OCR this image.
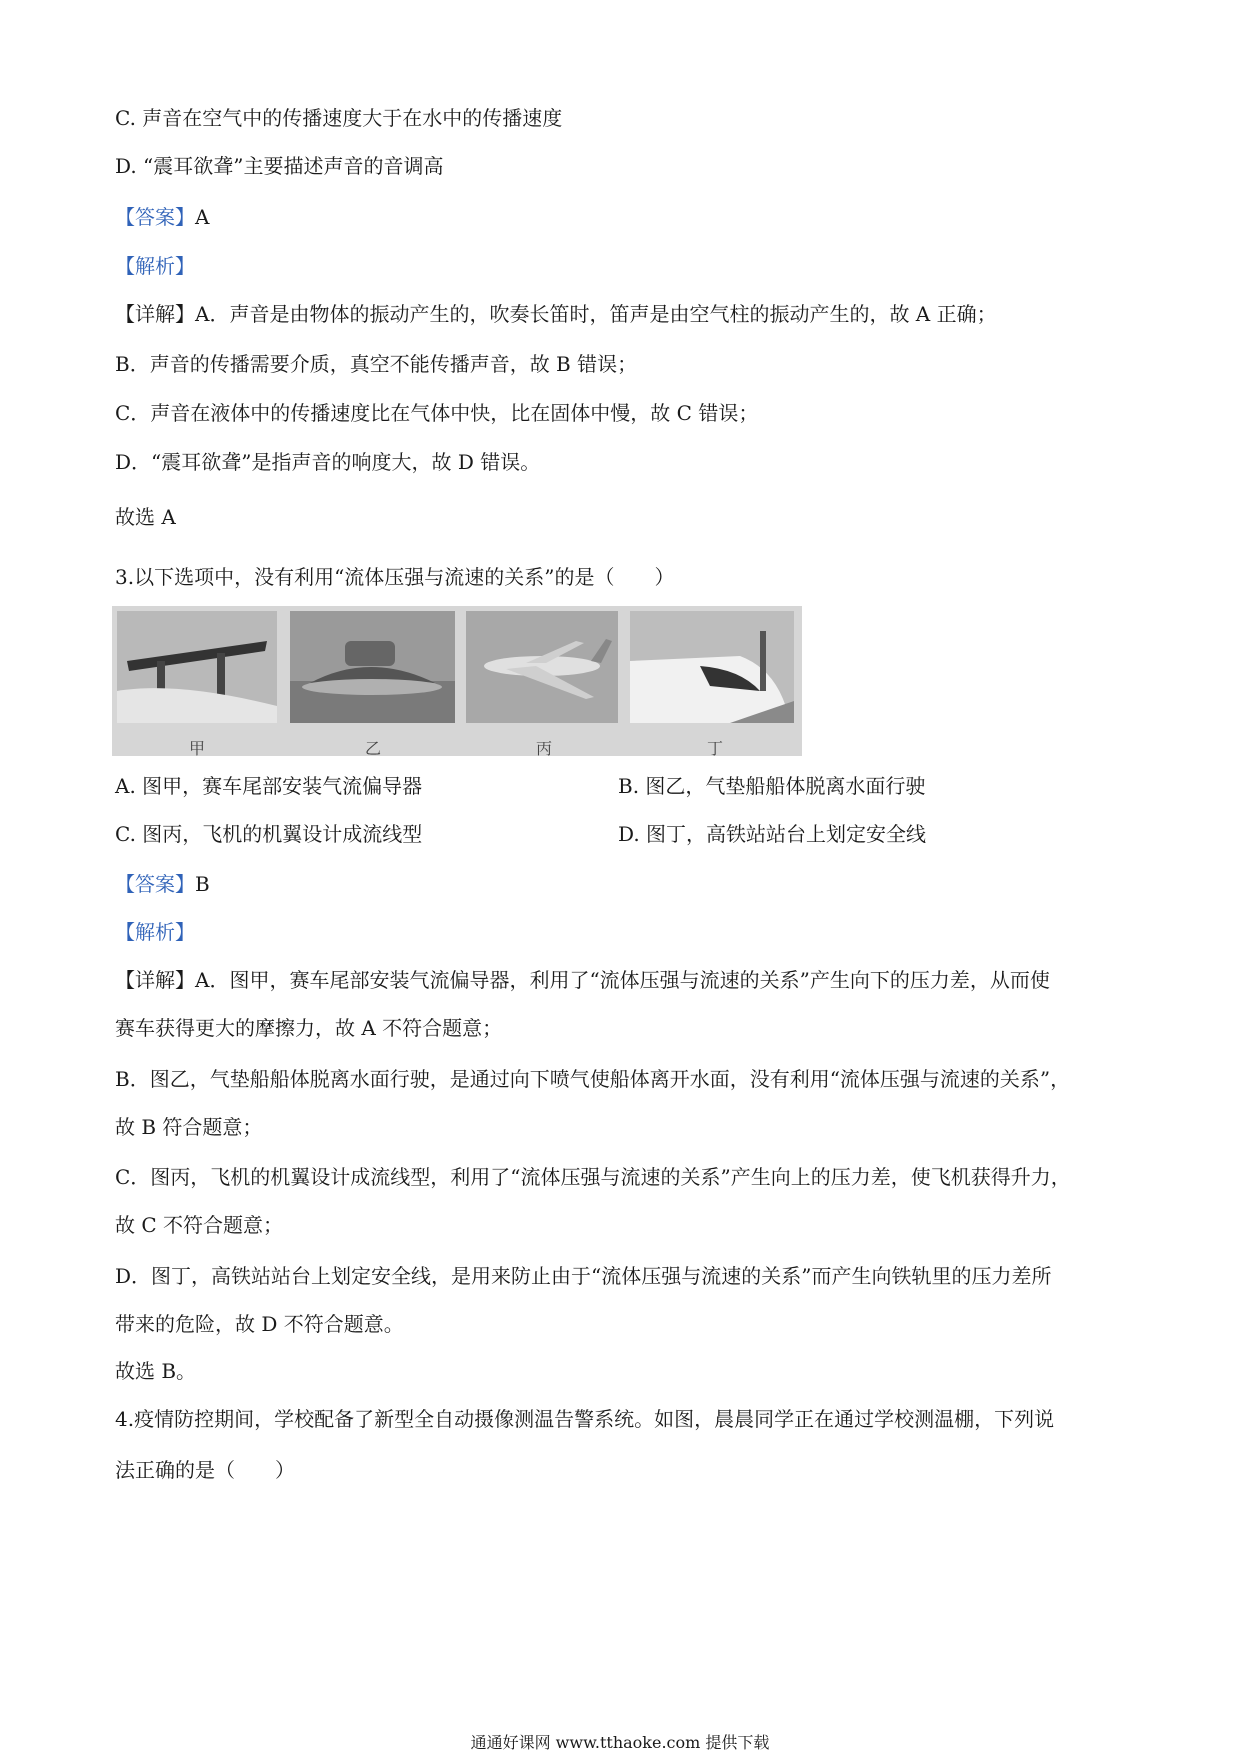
C. 声音在空气中的传播速度大于在水中的传播速度
D. “震耳欲聋”主要描述声音的音调高
【答案】A
【解析】
【详解】A．声音是由物体的振动产生的，吹奏长笛时，笛声是由空气柱的振动产生的，故 A 正确；
B．声音的传播需要介质，真空不能传播声音，故 B 错误；
C．声音在液体中的传播速度比在气体中快，比在固体中慢，故 C 错误；
D．“震耳欲聋”是指声音的响度大，故 D 错误。
故选 A
3.以下选项中，没有利用“流体压强与流速的关系”的是（　　）
甲	乙	丙	丁
A. 图甲，赛车尾部安装气流偏导器	B. 图乙，气垫船船体脱离水面行驶
C. 图丙，飞机的机翼设计成流线型	D. 图丁，高铁站站台上划定安全线
【答案】B
【解析】
【详解】A．图甲，赛车尾部安装气流偏导器，利用了“流体压强与流速的关系”产生向下的压力差，从而使
赛车获得更大的摩擦力，故 A 不符合题意；
B．图乙，气垫船船体脱离水面行驶，是通过向下喷气使船体离开水面，没有利用“流体压强与流速的关系”，
故 B 符合题意；
C．图丙，飞机的机翼设计成流线型，利用了“流体压强与流速的关系”产生向上的压力差，使飞机获得升力，
故 C 不符合题意；
D．图丁，高铁站站台上划定安全线，是用来防止由于“流体压强与流速的关系”而产生向铁轨里的压力差所
带来的危险，故 D 不符合题意。
故选 B。
4.疫情防控期间，学校配备了新型全自动摄像测温告警系统。如图，晨晨同学正在通过学校测温棚，下列说
法正确的是（　　）
通通好课网 www.tthaoke.com 提供下载
